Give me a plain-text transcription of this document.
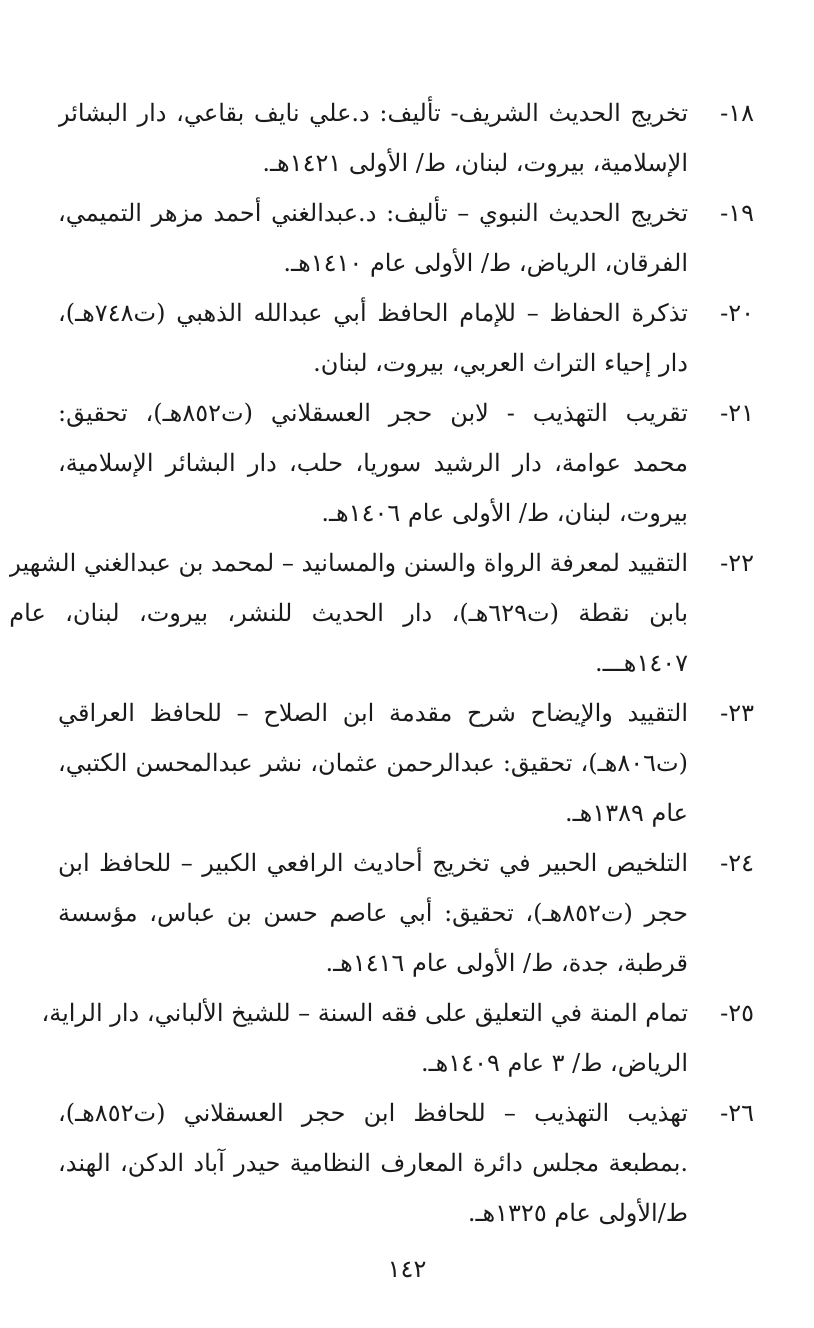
١٨-
تخريج الحديث الشريف- تأليف: د.علي نايف بقاعي، دار البشائر
الإسلامية، بيروت، لبنان، ط/ الأولى ١٤٢١هـ.
١٩-
تخريج الحديث النبوي – تأليف: د.عبدالغني أحمد مزهر التميمي،
الفرقان، الرياض، ط/ الأولى عام ١٤١٠هـ.
٢٠-
تذكرة الحفاظ – للإمام الحافظ أبي عبدالله الذهبي (ت٧٤٨هـ)،
دار إحياء التراث العربي، بيروت، لبنان.
٢١-
تقريب التهذيب - لابن حجر العسقلاني (ت٨٥٢هـ)، تحقيق:
محمد عوامة، دار الرشيد سوريا، حلب، دار البشائر الإسلامية،
بيروت، لبنان، ط/ الأولى عام ١٤٠٦هـ.
٢٢-
التقييد لمعرفة الرواة والسنن والمسانيد – لمحمد بن عبدالغني الشهير
بابن نقطة (ت٦٢٩هـ)، دار الحديث للنشر، بيروت، لبنان، عام
١٤٠٧هـــ.
٢٣-
التقييد والإيضاح شرح مقدمة ابن الصلاح – للحافظ العراقي
(ت٨٠٦هـ)، تحقيق: عبدالرحمن عثمان، نشر عبدالمحسن الكتبي،
عام ١٣٨٩هـ.
٢٤-
التلخيص الحبير في تخريج أحاديث الرافعي الكبير – للحافظ ابن
حجر (ت٨٥٢هـ)، تحقيق: أبي عاصم حسن بن عباس، مؤسسة
قرطبة، جدة، ط/ الأولى عام ١٤١٦هـ.
٢٥-
تمام المنة في التعليق على فقه السنة – للشيخ الألباني، دار الراية،
الرياض، ط/ ٣ عام ١٤٠٩هـ.
٢٦-
تهذيب التهذيب – للحافظ ابن حجر العسقلاني (ت٨٥٢هـ)،
.بمطبعة مجلس دائرة المعارف النظامية حيدر آباد الدكن، الهند،
ط/الأولى عام ١٣٢٥هـ.
١٤٢
